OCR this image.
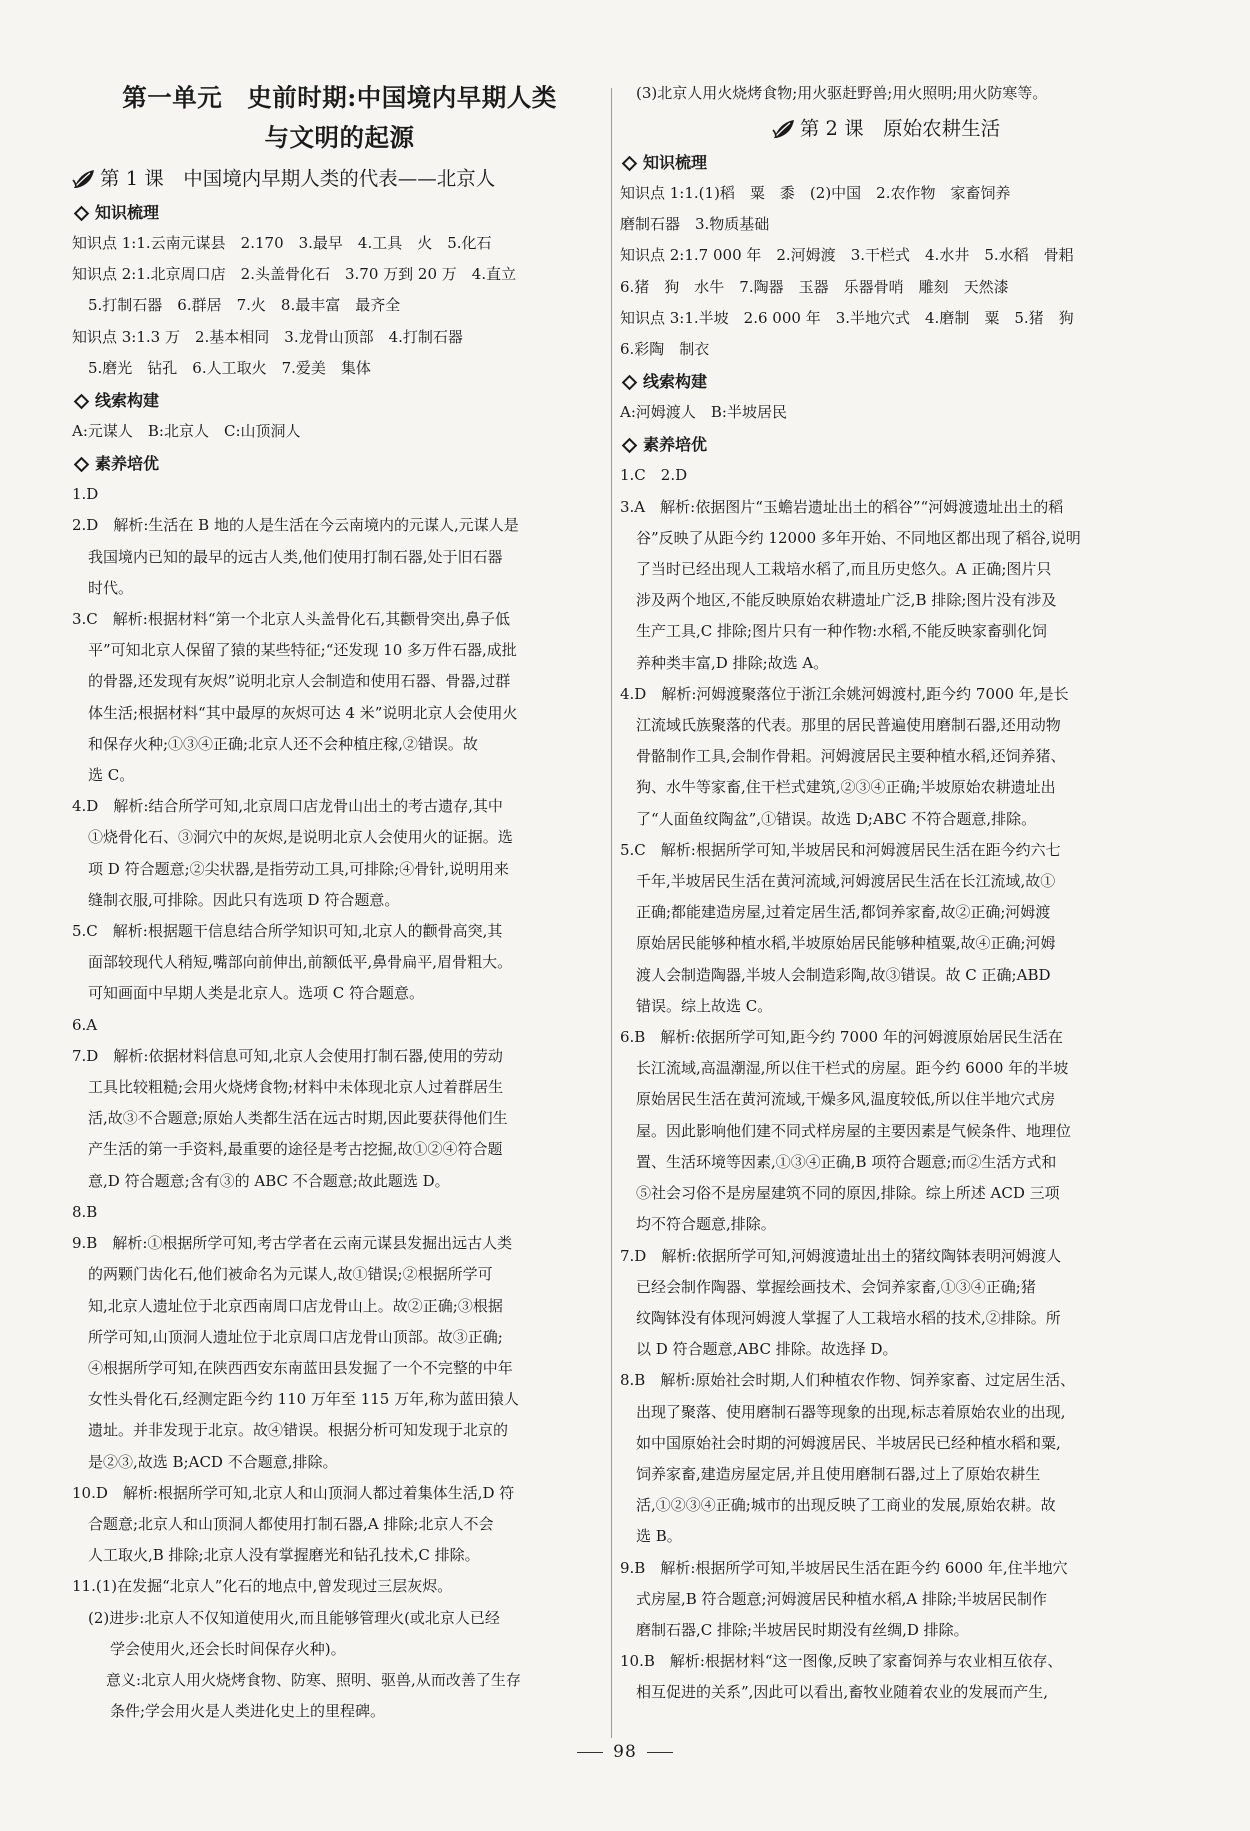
第一单元　史前时期:中国境内早期人类
与文明的起源
第 1 课　中国境内早期人类的代表——北京人
知识梳理
知识点 1:1.云南元谋县　2.170　3.最早　4.工具　火　5.化石
知识点 2:1.北京周口店　2.头盖骨化石　3.70 万到 20 万　4.直立
5.打制石器　6.群居　7.火　8.最丰富　最齐全
知识点 3:1.3 万　2.基本相同　3.龙骨山顶部　4.打制石器
5.磨光　钻孔　6.人工取火　7.爱美　集体
线索构建
A:元谋人　B:北京人　C:山顶洞人
素养培优
1.D
2.D　解析:生活在 B 地的人是生活在今云南境内的元谋人,元谋人是
我国境内已知的最早的远古人类,他们使用打制石器,处于旧石器
时代。
3.C　解析:根据材料“第一个北京人头盖骨化石,其颧骨突出,鼻子低
平”可知北京人保留了猿的某些特征;“还发现 10 多万件石器,成批
的骨器,还发现有灰烬”说明北京人会制造和使用石器、骨器,过群
体生活;根据材料“其中最厚的灰烬可达 4 米”说明北京人会使用火
和保存火种;①③④正确;北京人还不会种植庄稼,②错误。故
选 C。
4.D　解析:结合所学可知,北京周口店龙骨山出土的考古遗存,其中
①烧骨化石、③洞穴中的灰烬,是说明北京人会使用火的证据。选
项 D 符合题意;②尖状器,是指劳动工具,可排除;④骨针,说明用来
缝制衣服,可排除。因此只有选项 D 符合题意。
5.C　解析:根据题干信息结合所学知识可知,北京人的颧骨高突,其
面部较现代人稍短,嘴部向前伸出,前额低平,鼻骨扁平,眉骨粗大。
可知画面中早期人类是北京人。选项 C 符合题意。
6.A
7.D　解析:依据材料信息可知,北京人会使用打制石器,使用的劳动
工具比较粗糙;会用火烧烤食物;材料中未体现北京人过着群居生
活,故③不合题意;原始人类都生活在远古时期,因此要获得他们生
产生活的第一手资料,最重要的途径是考古挖掘,故①②④符合题
意,D 符合题意;含有③的 ABC 不合题意;故此题选 D。
8.B
9.B　解析:①根据所学可知,考古学者在云南元谋县发掘出远古人类
的两颗门齿化石,他们被命名为元谋人,故①错误;②根据所学可
知,北京人遗址位于北京西南周口店龙骨山上。故②正确;③根据
所学可知,山顶洞人遗址位于北京周口店龙骨山顶部。故③正确;
④根据所学可知,在陕西西安东南蓝田县发掘了一个不完整的中年
女性头骨化石,经测定距今约 110 万年至 115 万年,称为蓝田猿人
遗址。并非发现于北京。故④错误。根据分析可知发现于北京的
是②③,故选 B;ACD 不合题意,排除。
10.D　解析:根据所学可知,北京人和山顶洞人都过着集体生活,D 符
合题意;北京人和山顶洞人都使用打制石器,A 排除;北京人不会
人工取火,B 排除;北京人没有掌握磨光和钻孔技术,C 排除。
11.(1)在发掘“北京人”化石的地点中,曾发现过三层灰烬。
(2)进步:北京人不仅知道使用火,而且能够管理火(或北京人已经
学会使用火,还会长时间保存火种)。
意义:北京人用火烧烤食物、防寒、照明、驱兽,从而改善了生存
条件;学会用火是人类进化史上的里程碑。
(3)北京人用火烧烤食物;用火驱赶野兽;用火照明;用火防寒等。
第 2 课　原始农耕生活
知识梳理
知识点 1:1.(1)稻　粟　黍　(2)中国　2.农作物　家畜饲养
磨制石器　3.物质基础
知识点 2:1.7 000 年　2.河姆渡　3.干栏式　4.水井　5.水稻　骨耜
6.猪　狗　水牛　7.陶器　玉器　乐器骨哨　雕刻　天然漆
知识点 3:1.半坡　2.6 000 年　3.半地穴式　4.磨制　粟　5.猪　狗
6.彩陶　制衣
线索构建
A:河姆渡人　B:半坡居民
素养培优
1.C　2.D
3.A　解析:依据图片“玉蟾岩遗址出土的稻谷”“河姆渡遗址出土的稻
谷”反映了从距今约 12000 多年开始、不同地区都出现了稻谷,说明
了当时已经出现人工栽培水稻了,而且历史悠久。A 正确;图片只
涉及两个地区,不能反映原始农耕遗址广泛,B 排除;图片没有涉及
生产工具,C 排除;图片只有一种作物:水稻,不能反映家畜驯化饲
养种类丰富,D 排除;故选 A。
4.D　解析:河姆渡聚落位于浙江余姚河姆渡村,距今约 7000 年,是长
江流域氏族聚落的代表。那里的居民普遍使用磨制石器,还用动物
骨骼制作工具,会制作骨耜。河姆渡居民主要种植水稻,还饲养猪、
狗、水牛等家畜,住干栏式建筑,②③④正确;半坡原始农耕遗址出
了“人面鱼纹陶盆”,①错误。故选 D;ABC 不符合题意,排除。
5.C　解析:根据所学可知,半坡居民和河姆渡居民生活在距今约六七
千年,半坡居民生活在黄河流域,河姆渡居民生活在长江流域,故①
正确;都能建造房屋,过着定居生活,都饲养家畜,故②正确;河姆渡
原始居民能够种植水稻,半坡原始居民能够种植粟,故④正确;河姆
渡人会制造陶器,半坡人会制造彩陶,故③错误。故 C 正确;ABD
错误。综上故选 C。
6.B　解析:依据所学可知,距今约 7000 年的河姆渡原始居民生活在
长江流域,高温潮湿,所以住干栏式的房屋。距今约 6000 年的半坡
原始居民生活在黄河流域,干燥多风,温度较低,所以住半地穴式房
屋。因此影响他们建不同式样房屋的主要因素是气候条件、地理位
置、生活环境等因素,①③④正确,B 项符合题意;而②生活方式和
⑤社会习俗不是房屋建筑不同的原因,排除。综上所述 ACD 三项
均不符合题意,排除。
7.D　解析:依据所学可知,河姆渡遗址出土的猪纹陶钵表明河姆渡人
已经会制作陶器、掌握绘画技术、会饲养家畜,①③④正确;猪
纹陶钵没有体现河姆渡人掌握了人工栽培水稻的技术,②排除。所
以 D 符合题意,ABC 排除。故选择 D。
8.B　解析:原始社会时期,人们种植农作物、饲养家畜、过定居生活、
出现了聚落、使用磨制石器等现象的出现,标志着原始农业的出现,
如中国原始社会时期的河姆渡居民、半坡居民已经种植水稻和粟,
饲养家畜,建造房屋定居,并且使用磨制石器,过上了原始农耕生
活,①②③④正确;城市的出现反映了工商业的发展,原始农耕。故
选 B。
9.B　解析:根据所学可知,半坡居民生活在距今约 6000 年,住半地穴
式房屋,B 符合题意;河姆渡居民种植水稻,A 排除;半坡居民制作
磨制石器,C 排除;半坡居民时期没有丝绸,D 排除。
10.B　解析:根据材料“这一图像,反映了家畜饲养与农业相互依存、
相互促进的关系”,因此可以看出,畜牧业随着农业的发展而产生,
98
